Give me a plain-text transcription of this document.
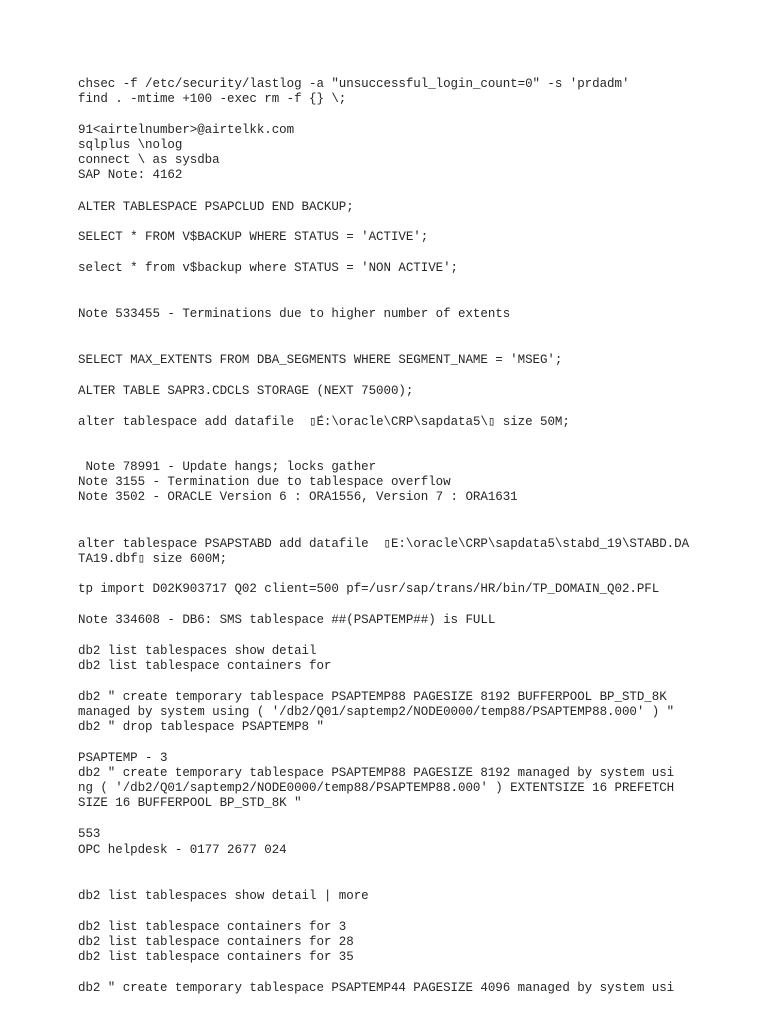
chsec -f /etc/security/lastlog -a "unsuccessful_login_count=0" -s 'prdadm'
find . -mtime +100 -exec rm -f {} \;
91<airtelnumber>@airtelkk.com
sqlplus \nolog
connect \ as sysdba
SAP Note: 4162
ALTER TABLESPACE PSAPCLUD END BACKUP;
SELECT * FROM V$BACKUP WHERE STATUS = 'ACTIVE';
select * from v$backup where STATUS = 'NON ACTIVE';
Note 533455 - Terminations due to higher number of extents
SELECT MAX_EXTENTS FROM DBA_SEGMENTS WHERE SEGMENT_NAME = 'MSEG';
ALTER TABLE SAPR3.CDCLS STORAGE (NEXT 75000);
alter tablespace add datafile  ▯́E:\oracle\CRP\sapdata5\▯ size 50M;
Note 78991 - Update hangs; locks gather
Note 3155 - Termination due to tablespace overflow
Note 3502 - ORACLE Version 6 : ORA1556, Version 7 : ORA1631
alter tablespace PSAPSTABD add datafile  ▯E:\oracle\CRP\sapdata5\stabd_19\STABD.DA
TA19.dbf▯ size 600M;
tp import D02K903717 Q02 client=500 pf=/usr/sap/trans/HR/bin/TP_DOMAIN_Q02.PFL
Note 334608 - DB6: SMS tablespace ##(PSAPTEMP##) is FULL
db2 list tablespaces show detail
db2 list tablespace containers for
db2 " create temporary tablespace PSAPTEMP88 PAGESIZE 8192 BUFFERPOOL BP_STD_8K
managed by system using ( '/db2/Q01/saptemp2/NODE0000/temp88/PSAPTEMP88.000' ) "
db2 " drop tablespace PSAPTEMP8 "
PSAPTEMP - 3
db2 " create temporary tablespace PSAPTEMP88 PAGESIZE 8192 managed by system usi
ng ( '/db2/Q01/saptemp2/NODE0000/temp88/PSAPTEMP88.000' ) EXTENTSIZE 16 PREFETCH
SIZE 16 BUFFERPOOL BP_STD_8K "
553
OPC helpdesk - 0177 2677 024
db2 list tablespaces show detail | more
db2 list tablespace containers for 3
db2 list tablespace containers for 28
db2 list tablespace containers for 35
db2 " create temporary tablespace PSAPTEMP44 PAGESIZE 4096 managed by system usi
